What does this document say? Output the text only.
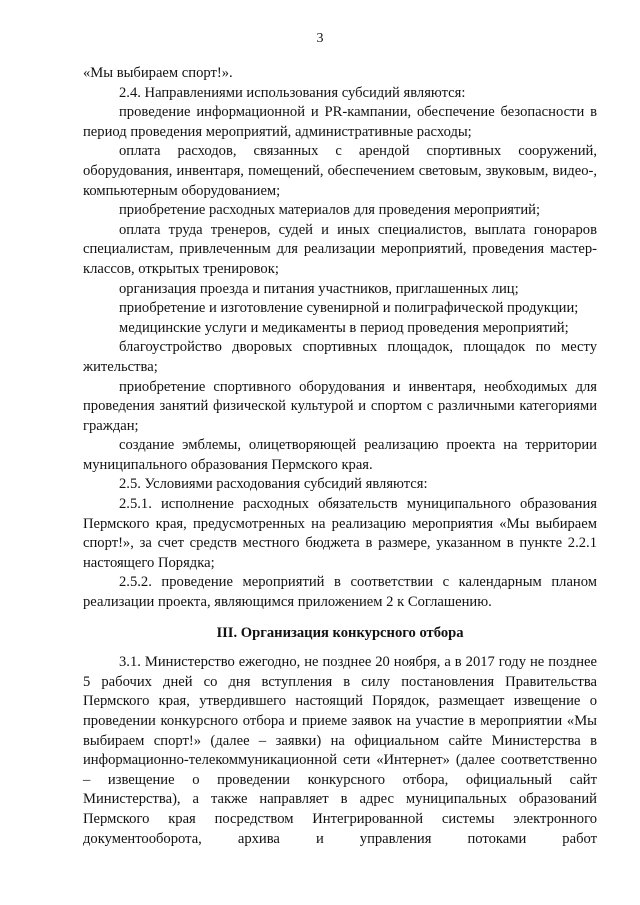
3

«Мы выбираем спорт!».

2.4. Направлениями использования субсидий являются:

проведение информационной и PR-кампании, обеспечение безопасности в период проведения мероприятий, административные расходы;

оплата расходов, связанных с арендой спортивных сооружений, оборудования, инвентаря, помещений, обеспечением световым, звуковым, видео-, компьютерным оборудованием;

приобретение расходных материалов для проведения мероприятий;

оплата труда тренеров, судей и иных специалистов, выплата гонораров специалистам, привлеченным для реализации мероприятий, проведения мастер-классов, открытых тренировок;

организация проезда и питания участников, приглашенных лиц;

приобретение и изготовление сувенирной и полиграфической продукции;

медицинские услуги и медикаменты в период проведения мероприятий;

благоустройство дворовых спортивных площадок, площадок по месту жительства;

приобретение спортивного оборудования и инвентаря, необходимых для проведения занятий физической культурой и спортом с различными категориями граждан;

создание эмблемы, олицетворяющей реализацию проекта на территории муниципального образования Пермского края.

2.5. Условиями расходования субсидий являются:

2.5.1. исполнение расходных обязательств муниципального образования Пермского края, предусмотренных на реализацию мероприятия «Мы выбираем спорт!», за счет средств местного бюджета в размере, указанном в пункте 2.2.1 настоящего Порядка;

2.5.2. проведение мероприятий в соответствии с календарным планом реализации проекта, являющимся приложением 2 к Соглашению.

III. Организация конкурсного отбора

3.1. Министерство ежегодно, не позднее 20 ноября, а в 2017 году не позднее 5 рабочих дней со дня вступления в силу постановления Правительства Пермского края, утвердившего настоящий Порядок, размещает извещение о проведении конкурсного отбора и приеме заявок на участие в мероприятии «Мы выбираем спорт!» (далее – заявки) на официальном сайте Министерства в информационно-телекоммуникационной сети «Интернет» (далее соответственно – извещение о проведении конкурсного отбора, официальный сайт Министерства), а также направляет в адрес муниципальных образований Пермского края посредством Интегрированной системы электронного документооборота, архива и управления потоками работ
